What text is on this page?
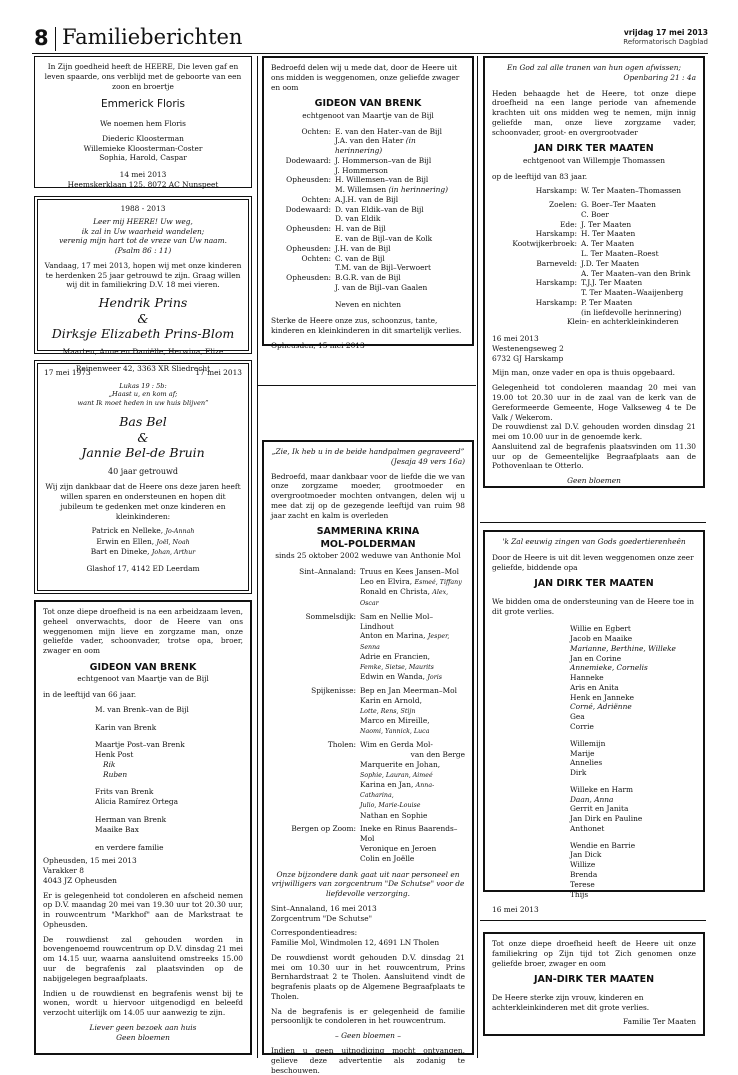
8 Familieberichten	vrijdag 17 mei 2013
Reformatorisch Dagblad

In Zijn goedheid heeft de HEERE, Die leven gaf en leven spaarde, ons verblijd met de geboorte van een zoon en broertje

Emmerick Floris

We noemen hem Floris

Diederic Kloosterman
Willemieke Kloosterman-Coster
Sophia, Harold, Caspar
14 mei 2013
Heemskerklaan 125, 8072 AC Nunspeet
1988 - 2013
Leer mij HEERE! Uw weg,
ik zal in Uw waarheid wandelen;
verenig mijn hart tot de vreze van Uw naam.
(Psalm 86 : 11)

Vandaag, 17 mei 2013, hopen wij met onze kinderen te herdenken 25 jaar getrouwd te zijn. Graag willen wij dit in familiekring D.V. 18 mei vieren.

Hendrik Prins
&
Dirksje Elizabeth Prins-Blom
Maarten, Anne en Daniëlle, Herwina, Elize
Reinenweer 42, 3363 XR Sliedrecht
17 mei 1973	17 mei 2013
Lukas 19 : 5b:
„Haast u, en kom af;
want Ik moet heden in uw huis blijven”
Bas Bel
&
Jannie Bel-de Bruin
40 jaar getrouwd

Wij zijn dankbaar dat de Heere ons deze jaren heeft willen sparen en ondersteunen en hopen dit jubileum te gedenken met onze kinderen en kleinkinderen:

Patrick en Nelleke, Jo-Annah
Erwin en Ellen, Joël, Noah
Bart en Dineke, Johan, Arthur
Glashof 17, 4142 ED Leerdam

Tot onze diepe droefheid is na een arbeidzaam leven, geheel onverwachts, door de Heere van ons weggenomen mijn lieve en zorgzame man, onze geliefde vader, schoonvader, trotse opa, broer, zwager en oom

GIDEON VAN BRENK
echtgenoot van Maartje van de Bijl

in de leeftijd van 66 jaar.

M. van Brenk–van de Bijl
Karin van Brenk
Maartje Post–van Brenk
Henk Post
Rik
Ruben
Frits van Brenk
Alicia Ramírez Ortega
Herman van Brenk
Maaike Bax
en verdere familie
Opheusden, 15 mei 2013
Varakker 8

4043 JZ Opheusden

Er is gelegenheid tot condoleren en afscheid nemen op D.V. maandag 20 mei van 19.30 uur tot 20.30 uur, in rouwcentrum "Markhof" aan de Markstraat te Opheusden.

De rouwdienst zal gehouden worden in bovengenoemd rouwcentrum op D.V. dinsdag 21 mei om 14.15 uur, waarna aansluitend omstreeks 15.00 uur de begrafenis zal plaatsvinden op de nabijgelegen begraafplaats.

Indien u de rouwdienst en begrafenis wenst bij te wonen, wordt u hiervoor uitgenodigd en beleefd verzocht uiterlijk om 14.05 uur aanwezig te zijn.

Liever geen bezoek aan huis
Geen bloemen

Bedroefd delen wij u mede dat, door de Heere uit ons midden is weggenomen, onze geliefde zwager en oom

GIDEON VAN BRENK
echtgenoot van Maartje van de Bijl
Ochten: E. van den Hater–van de Bijl
J.A. van den Hater (in herinnering)
Dodewaard: J. Hommerson–van de Bijl
J. Hommerson
Opheusden: H. Willemsen–van de Bijl
M. Willemsen (in herinnering)
Ochten: A.J.H. van de Bijl
Dodewaard: D. van Eldik–van de Bijl
D. van Eldik
Opheusden: H. van de Bijl
E. van de Bijl–van de Kolk
Opheusden: J.H. van de Bijl
Ochten: C. van de Bijl
T.M. van de Bijl–Verwoert
Opheusden: B.G.R. van de Bijl
J. van de Bijl–van Gaalen
Neven en nichten

Sterke de Heere onze zus, schoonzus, tante, kinderen en kleinkinderen in dit smartelijk verlies.

Opheusden, 15 mei 2013
„Zie, Ik heb u in de beide handpalmen gegraveerd”
(Jesaja 49 vers 16a)

Bedroefd, maar dankbaar voor de liefde die we van onze zorgzame moeder, grootmoeder en overgrootmoeder mochten ontvangen, delen wij u mee dat zij op de gezegende leeftijd van ruim 98 jaar zacht en kalm is overleden

SAMMERINA KRINA
MOL-POLDERMAN
sinds 25 oktober 2002 weduwe van Anthonie Mol
Sint–Annaland: Truus en Kees Jansen–Mol
Leo en Elvira, Esmeé, Tiffany
Ronald en Christa, Alex, Oscar
Sommelsdijk: Sam en Nellie Mol–Lindhout
Anton en Marina, Jesper, Senna
Adrie en Francien,
Femke, Sietse, Maurits
Edwin en Wanda, Joris
Spijkenisse: Bep en Jan Meerman–Mol
Karin en Arnold,
Lotte, Rens, Stijn
Marco en Mireille,
Naomi, Yannick, Luca
Tholen: Wim en Gerda Mol-
van den Berge
Marquerite en Johan,
Sophie, Lauran, Aimeé
Karina en Jan, Anna-Catharina,
Julio, Marie-Louise
Nathan en Sophie
Bergen op Zoom: Ineke en Rinus Baarends–Mol
Veronique en Jeroen
Colin en Joëlle

Onze bijzondere dank gaat uit naar personeel en vrijwilligers van zorgcentrum "De Schutse" voor de liefdevolle verzorging.

Sint–Annaland, 16 mei 2013

Zorgcentrum "De Schutse"

Correspondentieadres:

Familie Mol, Windmolen 12, 4691 LN Tholen

De rouwdienst wordt gehouden D.V. dinsdag 21 mei om 10.30 uur in het rouwcentrum, Prins Bernhardstraat 2 te Tholen. Aansluitend vindt de begrafenis plaats op de Algemene Begraafplaats te Tholen.

Na de begrafenis is er gelegenheid de familie persoonlijk te condoleren in het rouwcentrum.

– Geen bloemen –

Indien u geen uitnodiging mocht ontvangen, gelieve deze advertentie als zodanig te beschouwen.
En God zal alle tranen van hun ogen afwissen;
Openbaring 21 : 4a

Heden behaagde het de Heere, tot onze diepe droefheid na een lange periode van afnemende krachten uit ons midden weg te nemen, mijn innig geliefde man, onze lieve zorgzame vader, schoonvader, groot- en overgrootvader

JAN DIRK TER MAATEN
echtgenoot van Willempje Thomassen

op de leeftijd van 83 jaar.

Harskamp: W. Ter Maaten–Thomassen
Zoelen: G. Boer–Ter Maaten
C. Boer
Ede: J. Ter Maaten
Harskamp: H. Ter Maaten
Kootwijkerbroek: A. Ter Maaten
L. Ter Maaten–Roest
Barneveld: J.D. Ter Maaten
A. Ter Maaten–van den Brink
Harskamp: T.J.J. Ter Maaten
T. Ter Maaten–Waaijenberg
Harskamp: P. Ter Maaten
(in liefdevolle herinnering)
Klein- en achterkleinkinderen
16 mei 2013
Westenengseweg 2

6732 GJ Harskamp

Mijn man, onze vader en opa is thuis opgebaard.

Gelegenheid tot condoleren maandag 20 mei van 19.00 tot 20.30 uur in de zaal van de kerk van de Gereformeerde Gemeente, Hoge Valkseweg 4 te De Valk / Wekerom.
De rouwdienst zal D.V. gehouden worden dinsdag 21 mei om 10.00 uur in de genoemde kerk.

Aansluitend zal de begrafenis plaatsvinden om 11.30 uur op de Gemeentelijke Begraafplaats aan de Pothovenlaan te Otterlo.

Geen bloemen
'k Zal eeuwig zingen van Gods goedertierenheên

Door de Heere is uit dit leven weggenomen onze zeer geliefde, biddende opa

JAN DIRK TER MAATEN

We bidden oma de ondersteuning van de Heere toe in dit grote verlies.

Willie en Egbert
Jacob en Maaike
Marianne, Berthine, Willeke
Jan en Corine
Annemieke, Cornelis
Hanneke
Aris en Anita
Henk en Janneke
Corné, Adriënne
Gea
Corrie
Willemijn
Marije
Annelies
Dirk
Willeke en Harm
Daan, Anna
Gerrit en Janita
Jan Dirk en Pauline
Anthonet
Wendie en Barrie
Jan Dick
Willize
Brenda
Terese
Thijs
16 mei 2013

Tot onze diepe droefheid heeft de Heere uit onze familiekring op Zijn tijd tot Zich genomen onze geliefde broer, zwager en oom

JAN-DIRK TER MAATEN

De Heere sterke zijn vrouw, kinderen en achterkleinkinderen met dit grote verlies.

Familie Ter Maaten
